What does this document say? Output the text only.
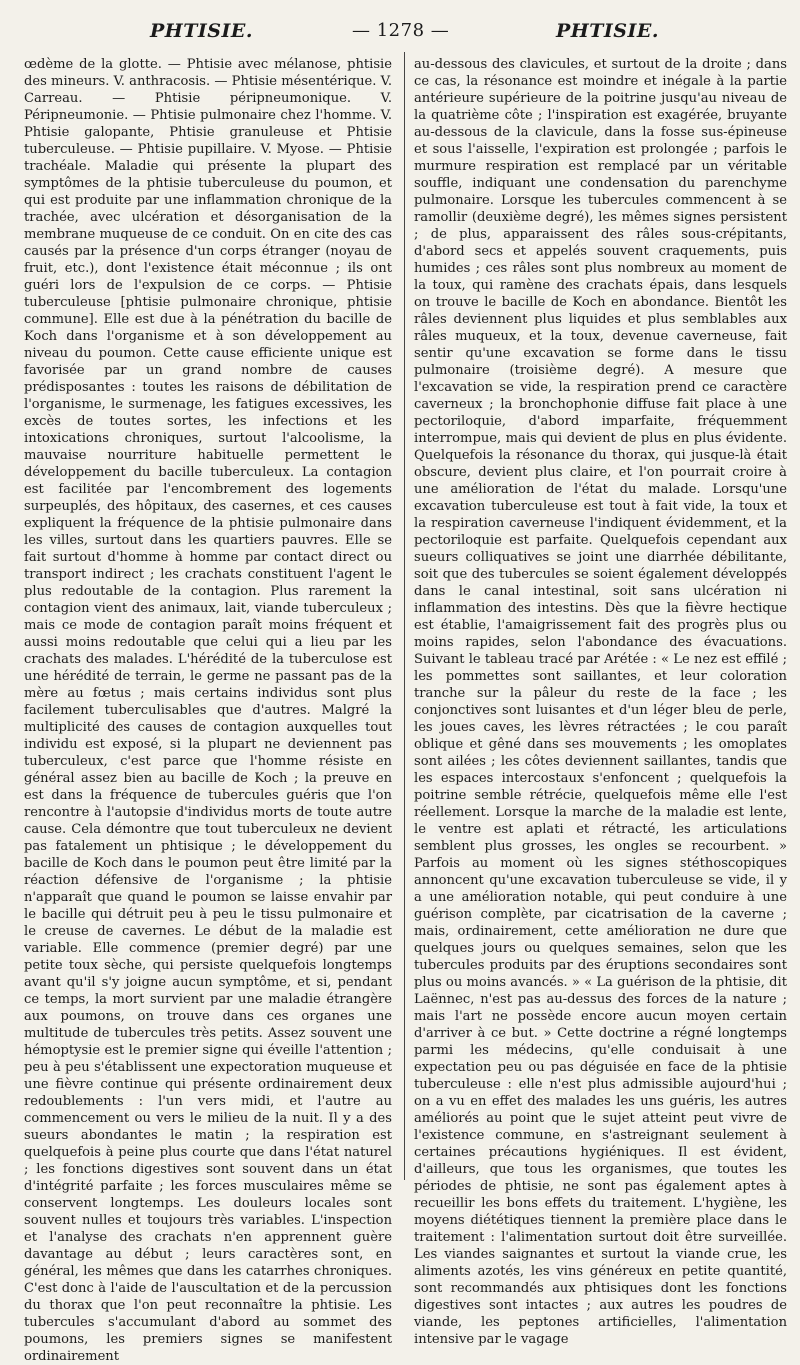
PHTISIE.	— 1278 —	PHTISIE.

œdème de la glotte. — Phtisie avec mélanose, phtisie des mineurs. V. anthracosis. — Phtisie mésentérique. V. Carreau. — Phtisie péripneumonique. V. Péripneumonie. — Phtisie pulmonaire chez l'homme. V. Phtisie galopante, Phtisie granuleuse et Phtisie tuberculeuse. — Phtisie pupillaire. V. Myose. — Phtisie trachéale. Maladie qui présente la plupart des symptômes de la phtisie tuberculeuse du poumon, et qui est produite par une inflammation chronique de la trachée, avec ulcération et désorganisation de la membrane muqueuse de ce conduit. On en cite des cas causés par la présence d'un corps étranger (noyau de fruit, etc.), dont l'existence était méconnue ; ils ont guéri lors de l'expulsion de ce corps. — Phtisie tuberculeuse [phtisie pulmonaire chronique, phtisie commune]. Elle est due à la pénétration du bacille de Koch dans l'organisme et à son développement au niveau du poumon. Cette cause efficiente unique est favorisée par un grand nombre de causes prédisposantes : toutes les raisons de débilitation de l'organisme, le surmenage, les fatigues excessives, les excès de toutes sortes, les infections et les intoxications chroniques, surtout l'alcoolisme, la mauvaise nourriture habituelle permettent le développement du bacille tuberculeux. La contagion est facilitée par l'encombrement des logements surpeuplés, des hôpitaux, des casernes, et ces causes expliquent la fréquence de la phtisie pulmonaire dans les villes, surtout dans les quartiers pauvres. Elle se fait surtout d'homme à homme par contact direct ou transport indirect ; les crachats constituent l'agent le plus redoutable de la contagion. Plus rarement la contagion vient des animaux, lait, viande tuberculeux ; mais ce mode de contagion paraît moins fréquent et aussi moins redoutable que celui qui a lieu par les crachats des malades. L'hérédité de la tuberculose est une hérédité de terrain, le germe ne passant pas de la mère au fœtus ; mais certains individus sont plus facilement tuberculisables que d'autres. Malgré la multiplicité des causes de contagion auxquelles tout individu est exposé, si la plupart ne deviennent pas tuberculeux, c'est parce que l'homme résiste en général assez bien au bacille de Koch ; la preuve en est dans la fréquence de tubercules guéris que l'on rencontre à l'autopsie d'individus morts de toute autre cause. Cela démontre que tout tuberculeux ne devient pas fatalement un phtisique ; le développement du bacille de Koch dans le poumon peut être limité par la réaction défensive de l'organisme ; la phtisie n'apparaît que quand le poumon se laisse envahir par le bacille qui détruit peu à peu le tissu pulmonaire et le creuse de cavernes. Le début de la maladie est variable. Elle commence (premier degré) par une petite toux sèche, qui persiste quelquefois longtemps avant qu'il s'y joigne aucun symptôme, et si, pendant ce temps, la mort survient par une maladie étrangère aux poumons, on trouve dans ces organes une multitude de tubercules très petits. Assez souvent une hémoptysie est le premier signe qui éveille l'attention ; peu à peu s'établissent une expectoration muqueuse et une fièvre continue qui présente ordinairement deux redoublements : l'un vers midi, et l'autre au commencement ou vers le milieu de la nuit. Il y a des sueurs abondantes le matin ; la respiration est quelquefois à peine plus courte que dans l'état naturel ; les fonctions digestives sont souvent dans un état d'intégrité parfaite ; les forces musculaires même se conservent longtemps. Les douleurs locales sont souvent nulles et toujours très variables. L'inspection et l'analyse des crachats n'en apprennent guère davantage au début ; leurs caractères sont, en général, les mêmes que dans les catarrhes chroniques. C'est donc à l'aide de l'auscultation et de la percussion du thorax que l'on peut reconnaître la phtisie. Les tubercules s'accumulant d'abord au sommet des poumons, les premiers signes se manifestent ordinairement

au-dessous des clavicules, et surtout de la droite ; dans ce cas, la résonance est moindre et inégale à la partie antérieure supérieure de la poitrine jusqu'au niveau de la quatrième côte ; l'inspiration est exagérée, bruyante au-dessous de la clavicule, dans la fosse sus-épineuse et sous l'aisselle, l'expiration est prolongée ; parfois le murmure respiration est remplacé par un véritable souffle, indiquant une condensation du parenchyme pulmonaire. Lorsque les tubercules commencent à se ramollir (deuxième degré), les mêmes signes persistent ; de plus, apparaissent des râles sous-crépitants, d'abord secs et appelés souvent craquements, puis humides ; ces râles sont plus nombreux au moment de la toux, qui ramène des crachats épais, dans lesquels on trouve le bacille de Koch en abondance. Bientôt les râles deviennent plus liquides et plus semblables aux râles muqueux, et la toux, devenue caverneuse, fait sentir qu'une excavation se forme dans le tissu pulmonaire (troisième degré). A mesure que l'excavation se vide, la respiration prend ce caractère caverneux ; la bronchophonie diffuse fait place à une pectoriloquie, d'abord imparfaite, fréquemment interrompue, mais qui devient de plus en plus évidente. Quelquefois la résonance du thorax, qui jusque-là était obscure, devient plus claire, et l'on pourrait croire à une amélioration de l'état du malade. Lorsqu'une excavation tuberculeuse est tout à fait vide, la toux et la respiration caverneuse l'indiquent évidemment, et la pectoriloquie est parfaite. Quelquefois cependant aux sueurs colliquatives se joint une diarrhée débilitante, soit que des tubercules se soient également développés dans le canal intestinal, soit sans ulcération ni inflammation des intestins. Dès que la fièvre hectique est établie, l'amaigrissement fait des progrès plus ou moins rapides, selon l'abondance des évacuations. Suivant le tableau tracé par Arétée : « Le nez est effilé ; les pommettes sont saillantes, et leur coloration tranche sur la pâleur du reste de la face ; les conjonctives sont luisantes et d'un léger bleu de perle, les joues caves, les lèvres rétractées ; le cou paraît oblique et gêné dans ses mouvements ; les omoplates sont ailées ; les côtes deviennent saillantes, tandis que les espaces intercostaux s'enfoncent ; quelquefois la poitrine semble rétrécie, quelquefois même elle l'est réellement. Lorsque la marche de la maladie est lente, le ventre est aplati et rétracté, les articulations semblent plus grosses, les ongles se recourbent. » Parfois au moment où les signes stéthoscopiques annoncent qu'une excavation tuberculeuse se vide, il y a une amélioration notable, qui peut conduire à une guérison complète, par cicatrisation de la caverne ; mais, ordinairement, cette amélioration ne dure que quelques jours ou quelques semaines, selon que les tubercules produits par des éruptions secondaires sont plus ou moins avancés. » « La guérison de la phtisie, dit Laënnec, n'est pas au-dessus des forces de la nature ; mais l'art ne possède encore aucun moyen certain d'arriver à ce but. » Cette doctrine a régné longtemps parmi les médecins, qu'elle conduisait à une expectation peu ou pas déguisée en face de la phtisie tuberculeuse : elle n'est plus admissible aujourd'hui ; on a vu en effet des malades les uns guéris, les autres améliorés au point que le sujet atteint peut vivre de l'existence commune, en s'astreignant seulement à certaines précautions hygiéniques. Il est évident, d'ailleurs, que tous les organismes, que toutes les périodes de phtisie, ne sont pas également aptes à recueillir les bons effets du traitement. L'hygiène, les moyens diététiques tiennent la première place dans le traitement : l'alimentation surtout doit être surveillée. Les viandes saignantes et surtout la viande crue, les aliments azotés, les vins généreux en petite quantité, sont recommandés aux phtisiques dont les fonctions digestives sont intactes ; aux autres les poudres de viande, les peptones artificielles, l'alimentation intensive par le vagage
